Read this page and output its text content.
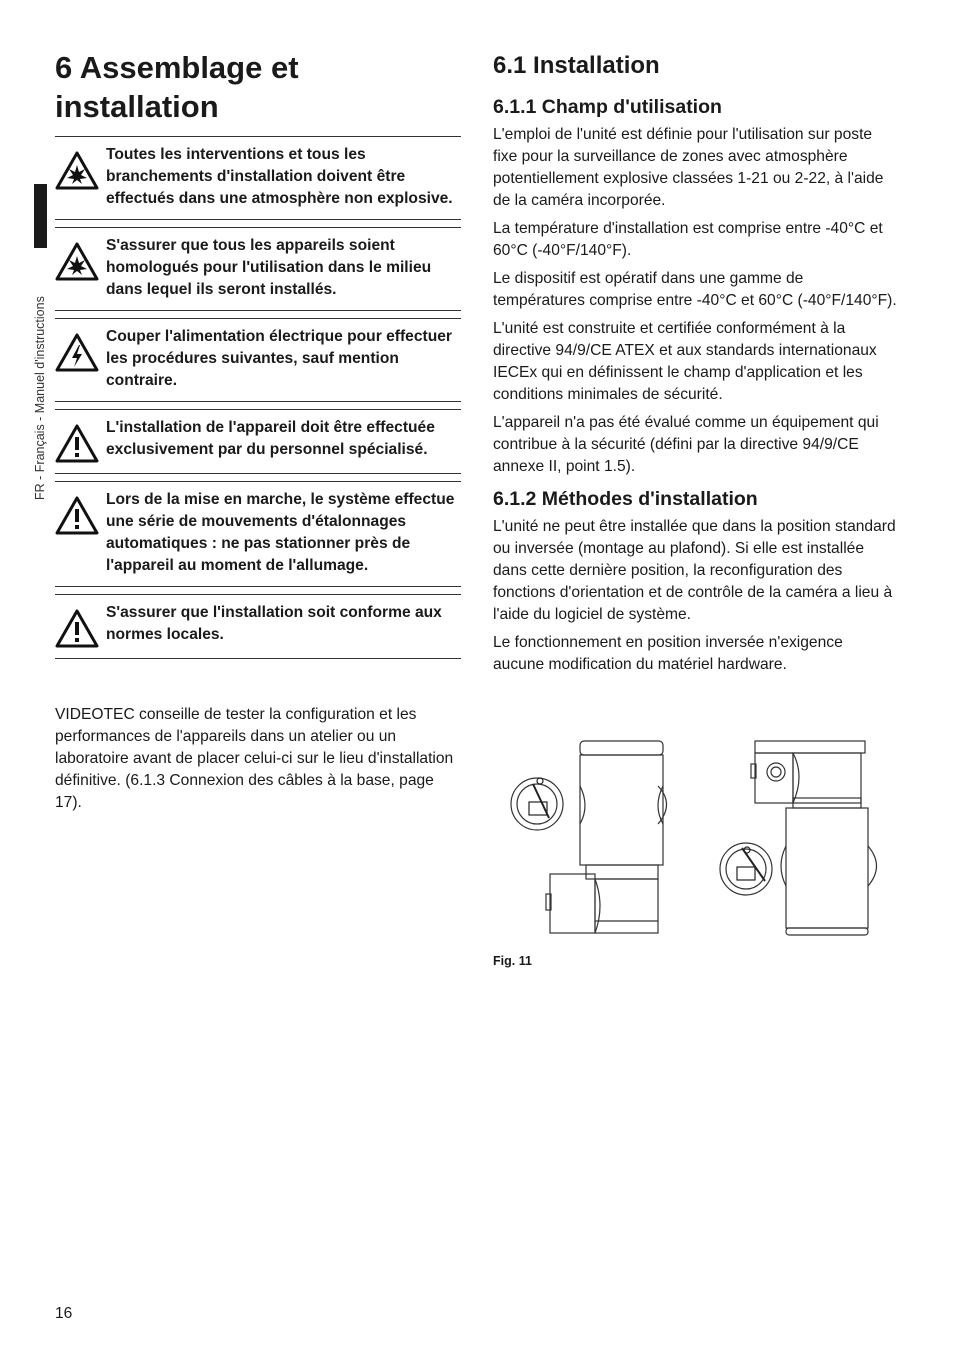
FR - Français - Manuel d'instructions
6 Assemblage et installation
Toutes les interventions et tous les branchements d'installation doivent être effectués dans une atmosphère non explosive.
S'assurer que tous les appareils soient homologués pour l'utilisation dans le milieu dans lequel ils seront installés.
Couper l'alimentation électrique pour effectuer les procédures suivantes, sauf mention contraire.
L'installation de l'appareil doit être effectuée exclusivement par du personnel spécialisé.
Lors de la mise en marche, le système effectue une série de mouvements d'étalonnages automatiques : ne pas stationner près de l'appareil au moment de l'allumage.
S'assurer que l'installation soit conforme aux normes locales.

VIDEOTEC conseille de tester la configuration et les performances de l'appareils dans un atelier ou un laboratoire avant de placer celui-ci sur le lieu d'installation définitive. (6.1.3 Connexion des câbles à la base, page 17).

6.1 Installation
6.1.1 Champ d'utilisation

L'emploi de l'unité est définie pour l'utilisation sur poste fixe pour la surveillance de zones avec atmosphère potentiellement explosive classées 1-21 ou 2-22, à l'aide de la caméra incorporée.

La température d'installation est comprise entre -40°C et 60°C (-40°F/140°F).

Le dispositif est opératif dans une gamme de températures comprise entre -40°C et 60°C (-40°F/140°F).

L'unité est construite et certifiée conformément à la directive 94/9/CE ATEX et aux standards internationaux IECEx qui en définissent le champ d'application et les conditions minimales de sécurité.

L'appareil n'a pas été évalué comme un équipement qui contribue à la sécurité (défini par la directive 94/9/CE annexe II, point 1.5).

6.1.2 Méthodes d'installation

L'unité ne peut être installée que dans la position standard ou inversée (montage au plafond). Si elle est installée dans cette dernière position, la reconfiguration des fonctions d'orientation et de contrôle de la caméra a lieu à l'aide du logiciel de système.

Le fonctionnement en position inversée n'exigence aucune modification du matériel hardware.

Fig. 11
16
